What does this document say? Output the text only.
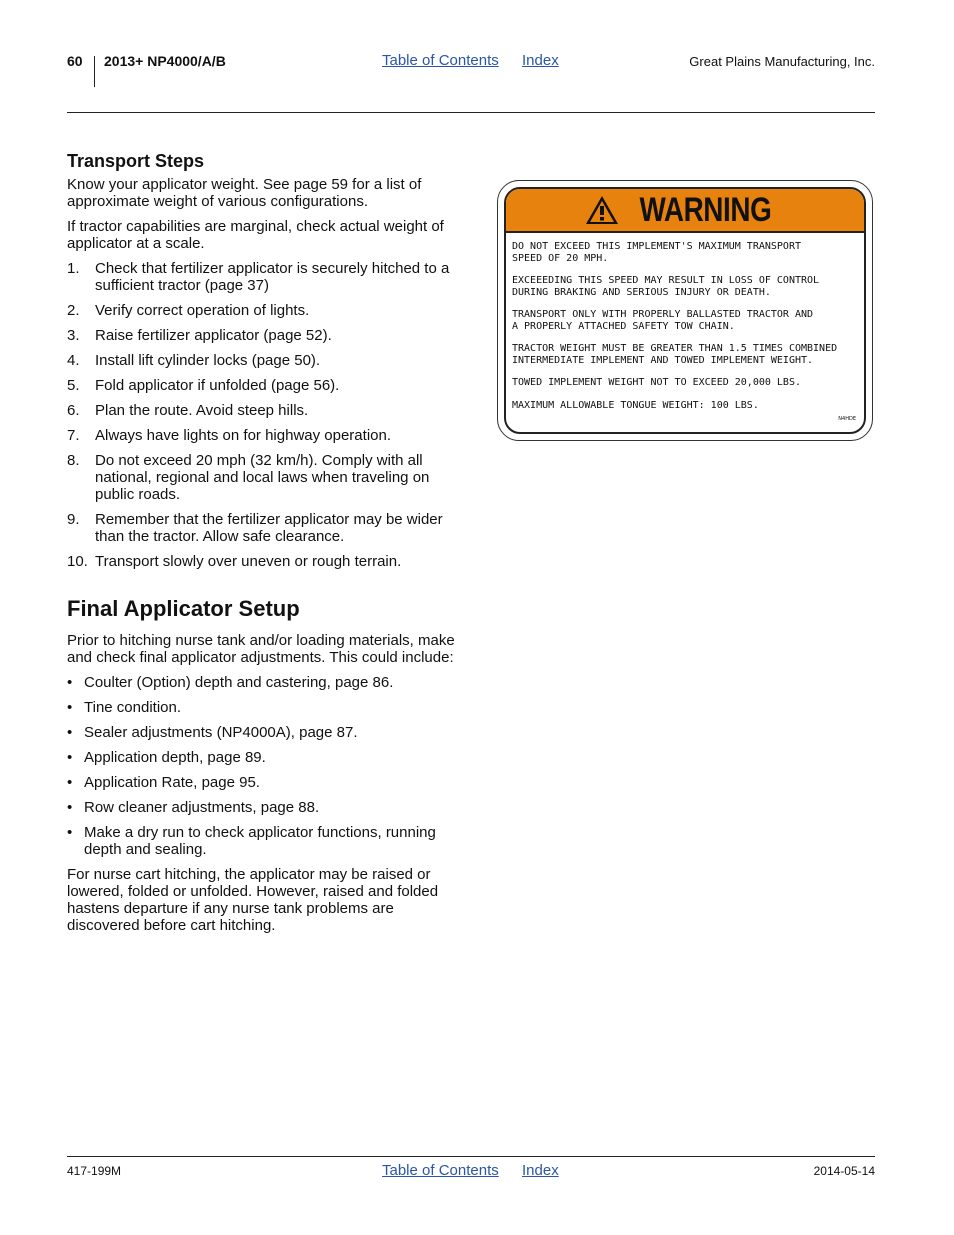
60 2013+ NP4000/A/B	Table of Contents Index	Great Plains Manufacturing, Inc.
Transport Steps

Know your applicator weight. See page 59 for a list of approximate weight of various configurations.

If tractor capabilities are marginal, check actual weight of applicator at a scale.

1. Check that fertilizer applicator is securely hitched to a sufficient tractor (page 37)
2. Verify correct operation of lights.
3. Raise fertilizer applicator (page 52).
4. Install lift cylinder locks (page 50).
5. Fold applicator if unfolded (page 56).
6. Plan the route. Avoid steep hills.
7. Always have lights on for highway operation.
8. Do not exceed 20 mph (32 km/h). Comply with all national, regional and local laws when traveling on public roads.
9. Remember that the fertilizer applicator may be wider than the tractor. Allow safe clearance.
10. Transport slowly over uneven or rough terrain.
Final Applicator Setup

Prior to hitching nurse tank and/or loading materials, make and check final applicator adjustments. This could include:

• Coulter (Option) depth and castering, page 86.
• Tine condition.
• Sealer adjustments (NP4000A), page 87.
• Application depth, page 89.
• Application Rate, page 95.
• Row cleaner adjustments, page 88.
• Make a dry run to check applicator functions, running depth and sealing.

For nurse cart hitching, the applicator may be raised or lowered, folded or unfolded. However, raised and folded hastens departure if any nurse tank problems are discovered before cart hitching.

WARNING

DO NOT EXCEED THIS IMPLEMENT'S MAXIMUM TRANSPORT
SPEED OF 20 MPH.

EXCEEEDING THIS SPEED MAY RESULT IN LOSS OF CONTROL
DURING BRAKING AND SERIOUS INJURY OR DEATH.

TRANSPORT ONLY WITH PROPERLY BALLASTED TRACTOR AND
A PROPERLY ATTACHED SAFETY TOW CHAIN.

TRACTOR WEIGHT MUST BE GREATER THAN 1.5 TIMES COMBINED
INTERMEDIATE IMPLEMENT AND TOWED IMPLEMENT WEIGHT.

TOWED IMPLEMENT WEIGHT NOT TO EXCEED 20,000 LBS.

MAXIMUM ALLOWABLE TONGUE WEIGHT: 100 LBS.

N4HDE
417-199M	Table of Contents Index	2014-05-14
